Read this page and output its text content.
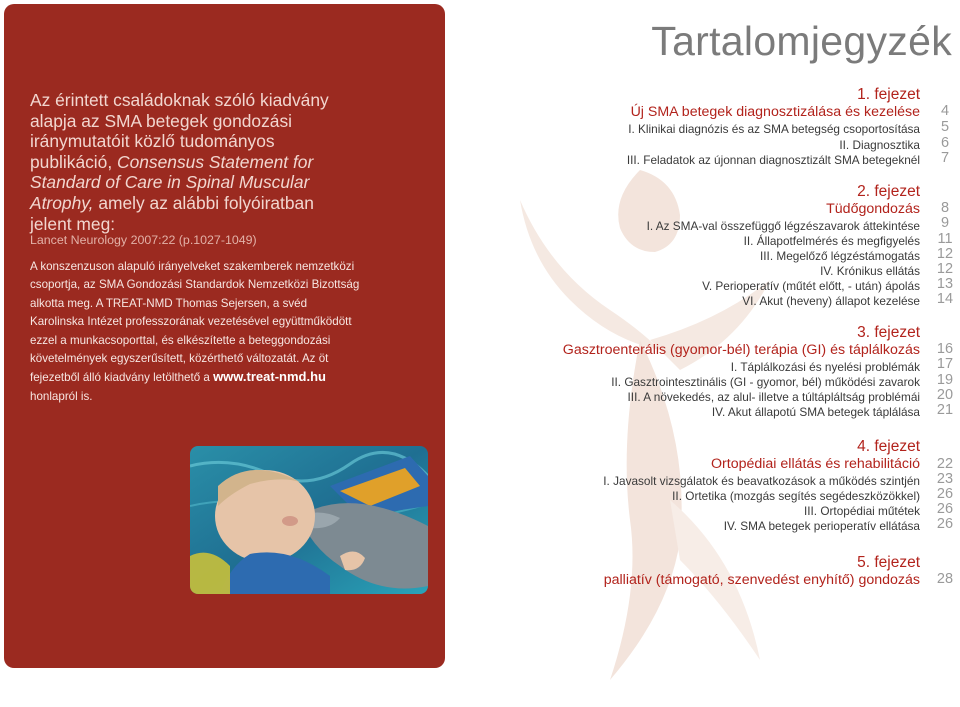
Az érintett családoknak szóló kiadvány alapja az SMA betegek gondozási iránymutatóit közlő tudományos publikáció, Consensus Statement for Standard of Care in Spinal Muscular Atrophy, amely az alábbi folyóiratban jelent meg:
Lancet Neurology 2007:22 (p.1027-1049)
A konszenzuson alapuló irányelveket szakemberek nemzetközi csoportja, az SMA Gondozási Standardok Nemzetközi Bizottság alkotta meg. A TREAT-NMD Thomas Sejersen, a svéd Karolinska Intézet professzorának vezetésével együttműködött ezzel a munkacsoporttal, és elkészítette a beteggondozási követelmények egyszerűsített, közérthető változatát. Az öt fejezetből álló kiadvány letölthető a www.treat-nmd.hu honlapról is.
Tartalomjegyzék
1. fejezet
Új SMA betegek diagnosztizálása és kezelése	4
I. Klinikai diagnózis és az SMA betegség csoportosítása	5
II. Diagnosztika	6
III. Feladatok az újonnan diagnosztizált SMA betegeknél	7
2. fejezet
Tüdőgondozás	8
I. Az SMA-val összefüggő légzészavarok áttekintése	9
II. Állapotfelmérés és megfigyelés	11
III. Megelőző légzéstámogatás	12
IV. Krónikus ellátás	12
V. Perioperatív (műtét előtt, - után) ápolás	13
VI. Akut (heveny) állapot kezelése	14
3. fejezet
Gasztroenterális (gyomor-bél) terápia (GI) és táplálkozás	16
I. Táplálkozási és nyelési problémák	17
II. Gasztrointesztinális (GI - gyomor, bél) működési zavarok	19
III. A növekedés, az alul- illetve a túltápláltság problémái	20
IV. Akut állapotú SMA betegek táplálása	21
4. fejezet
Ortopédiai ellátás és rehabilitáció	22
I. Javasolt vizsgálatok és beavatkozások a működés szintjén	23
II. Ortetika (mozgás segítés segédeszközökkel)	26
III. Ortopédiai műtétek	26
IV. SMA betegek perioperatív ellátása	26
5. fejezet
palliatív (támogató, szenvedést enyhítő) gondozás	28
